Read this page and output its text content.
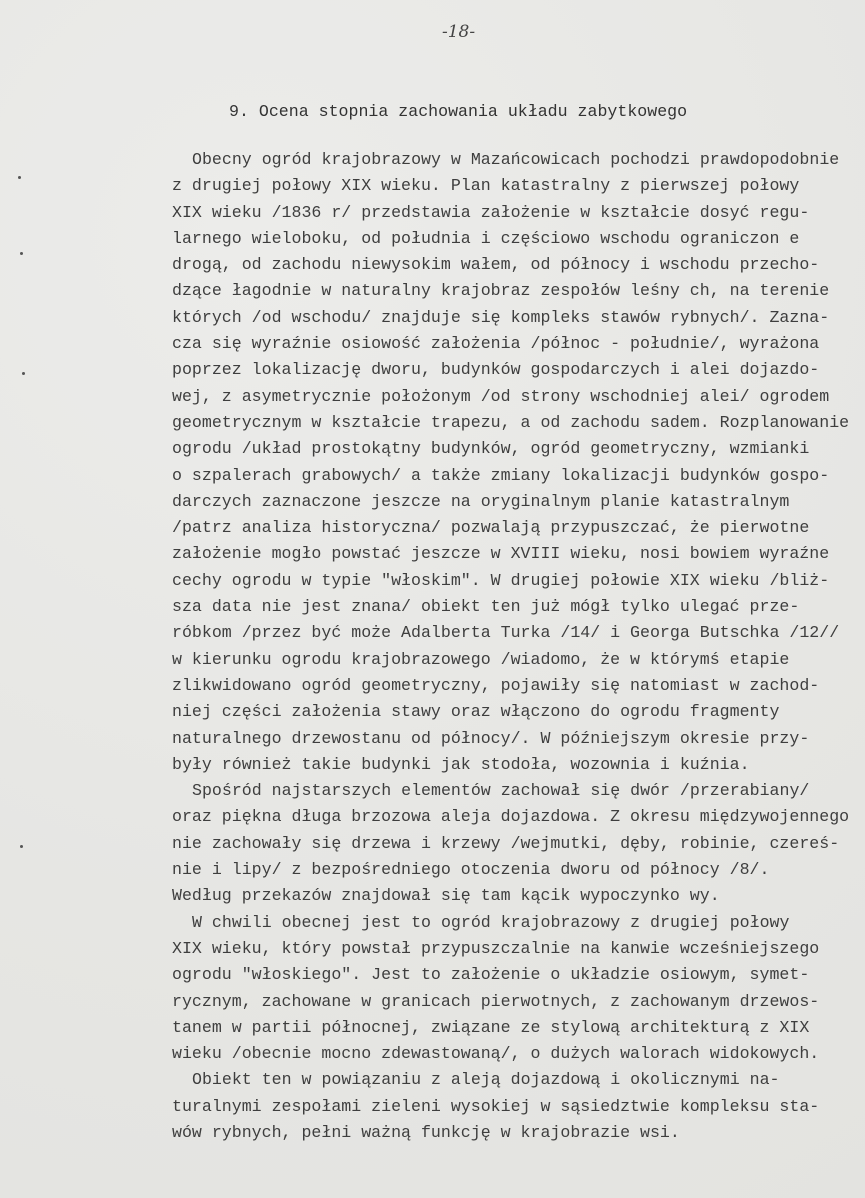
-18-
9. Ocena stopnia zachowania układu zabytkowego
Obecny ogród krajobrazowy w Mazańcowicach pochodzi prawdopodobnie
z drugiej połowy XIX wieku. Plan katastralny z pierwszej połowy
XIX wieku /1836 r/ przedstawia założenie w kształcie dosyć regu-
larnego wieloboku, od południa i częściowo wschodu ograniczon e
drogą, od zachodu niewysokim wałem, od północy i wschodu przecho-
dzące łagodnie w naturalny krajobraz zespołów leśny ch, na terenie
których /od wschodu/ znajduje się kompleks stawów rybnych/. Zazna-
cza się wyraźnie osiowość założenia /północ - południe/, wyrażona
poprzez lokalizację dworu, budynków gospodarczych i alei dojazdo-
wej, z asymetrycznie położonym /od strony wschodniej alei/ ogrodem
geometrycznym w kształcie trapezu, a od zachodu sadem. Rozplanowanie
ogrodu /układ prostokątny budynków, ogród geometryczny, wzmianki
o szpalerach grabowych/ a także zmiany lokalizacji budynków gospo-
darczych zaznaczone jeszcze na oryginalnym planie katastralnym
/patrz analiza historyczna/ pozwalają przypuszczać, że pierwotne
założenie mogło powstać jeszcze w XVIII wieku, nosi bowiem wyraźne
cechy ogrodu w typie "włoskim". W drugiej połowie XIX wieku /bliż-
sza data nie jest znana/ obiekt ten już mógł tylko ulegać prze-
róbkom /przez być może Adalberta Turka /14/ i Georga Butschka /12//
w kierunku ogrodu krajobrazowego /wiadomo, że w którymś etapie
zlikwidowano ogród geometryczny, pojawiły się natomiast w zachod-
niej części założenia stawy oraz włączono do ogrodu fragmenty
naturalnego drzewostanu od północy/. W późniejszym okresie przy-
były również takie budynki jak stodoła, wozownia i kuźnia.
Spośród najstarszych elementów zachował się dwór /przerabiany/
oraz piękna długa brzozowa aleja dojazdowa. Z okresu międzywojennego
nie zachowały się drzewa i krzewy /wejmutki, dęby, robinie, czereś-
nie i lipy/ z bezpośredniego otoczenia dworu od północy /8/.
Według przekazów znajdował się tam kącik wypoczynko wy.
W chwili obecnej jest to ogród krajobrazowy z drugiej połowy
XIX wieku, który powstał przypuszczalnie na kanwie wcześniejszego
ogrodu "włoskiego". Jest to założenie o układzie osiowym, symet-
rycznym, zachowane w granicach pierwotnych, z zachowanym drzewos-
tanem w partii północnej, związane ze stylową architekturą z XIX
wieku /obecnie mocno zdewastowaną/, o dużych walorach widokowych.
Obiekt ten w powiązaniu z aleją dojazdową i okolicznymi na-
turalnymi zespołami zieleni wysokiej w sąsiedztwie kompleksu sta-
wów rybnych, pełni ważną funkcję w krajobrazie wsi.
